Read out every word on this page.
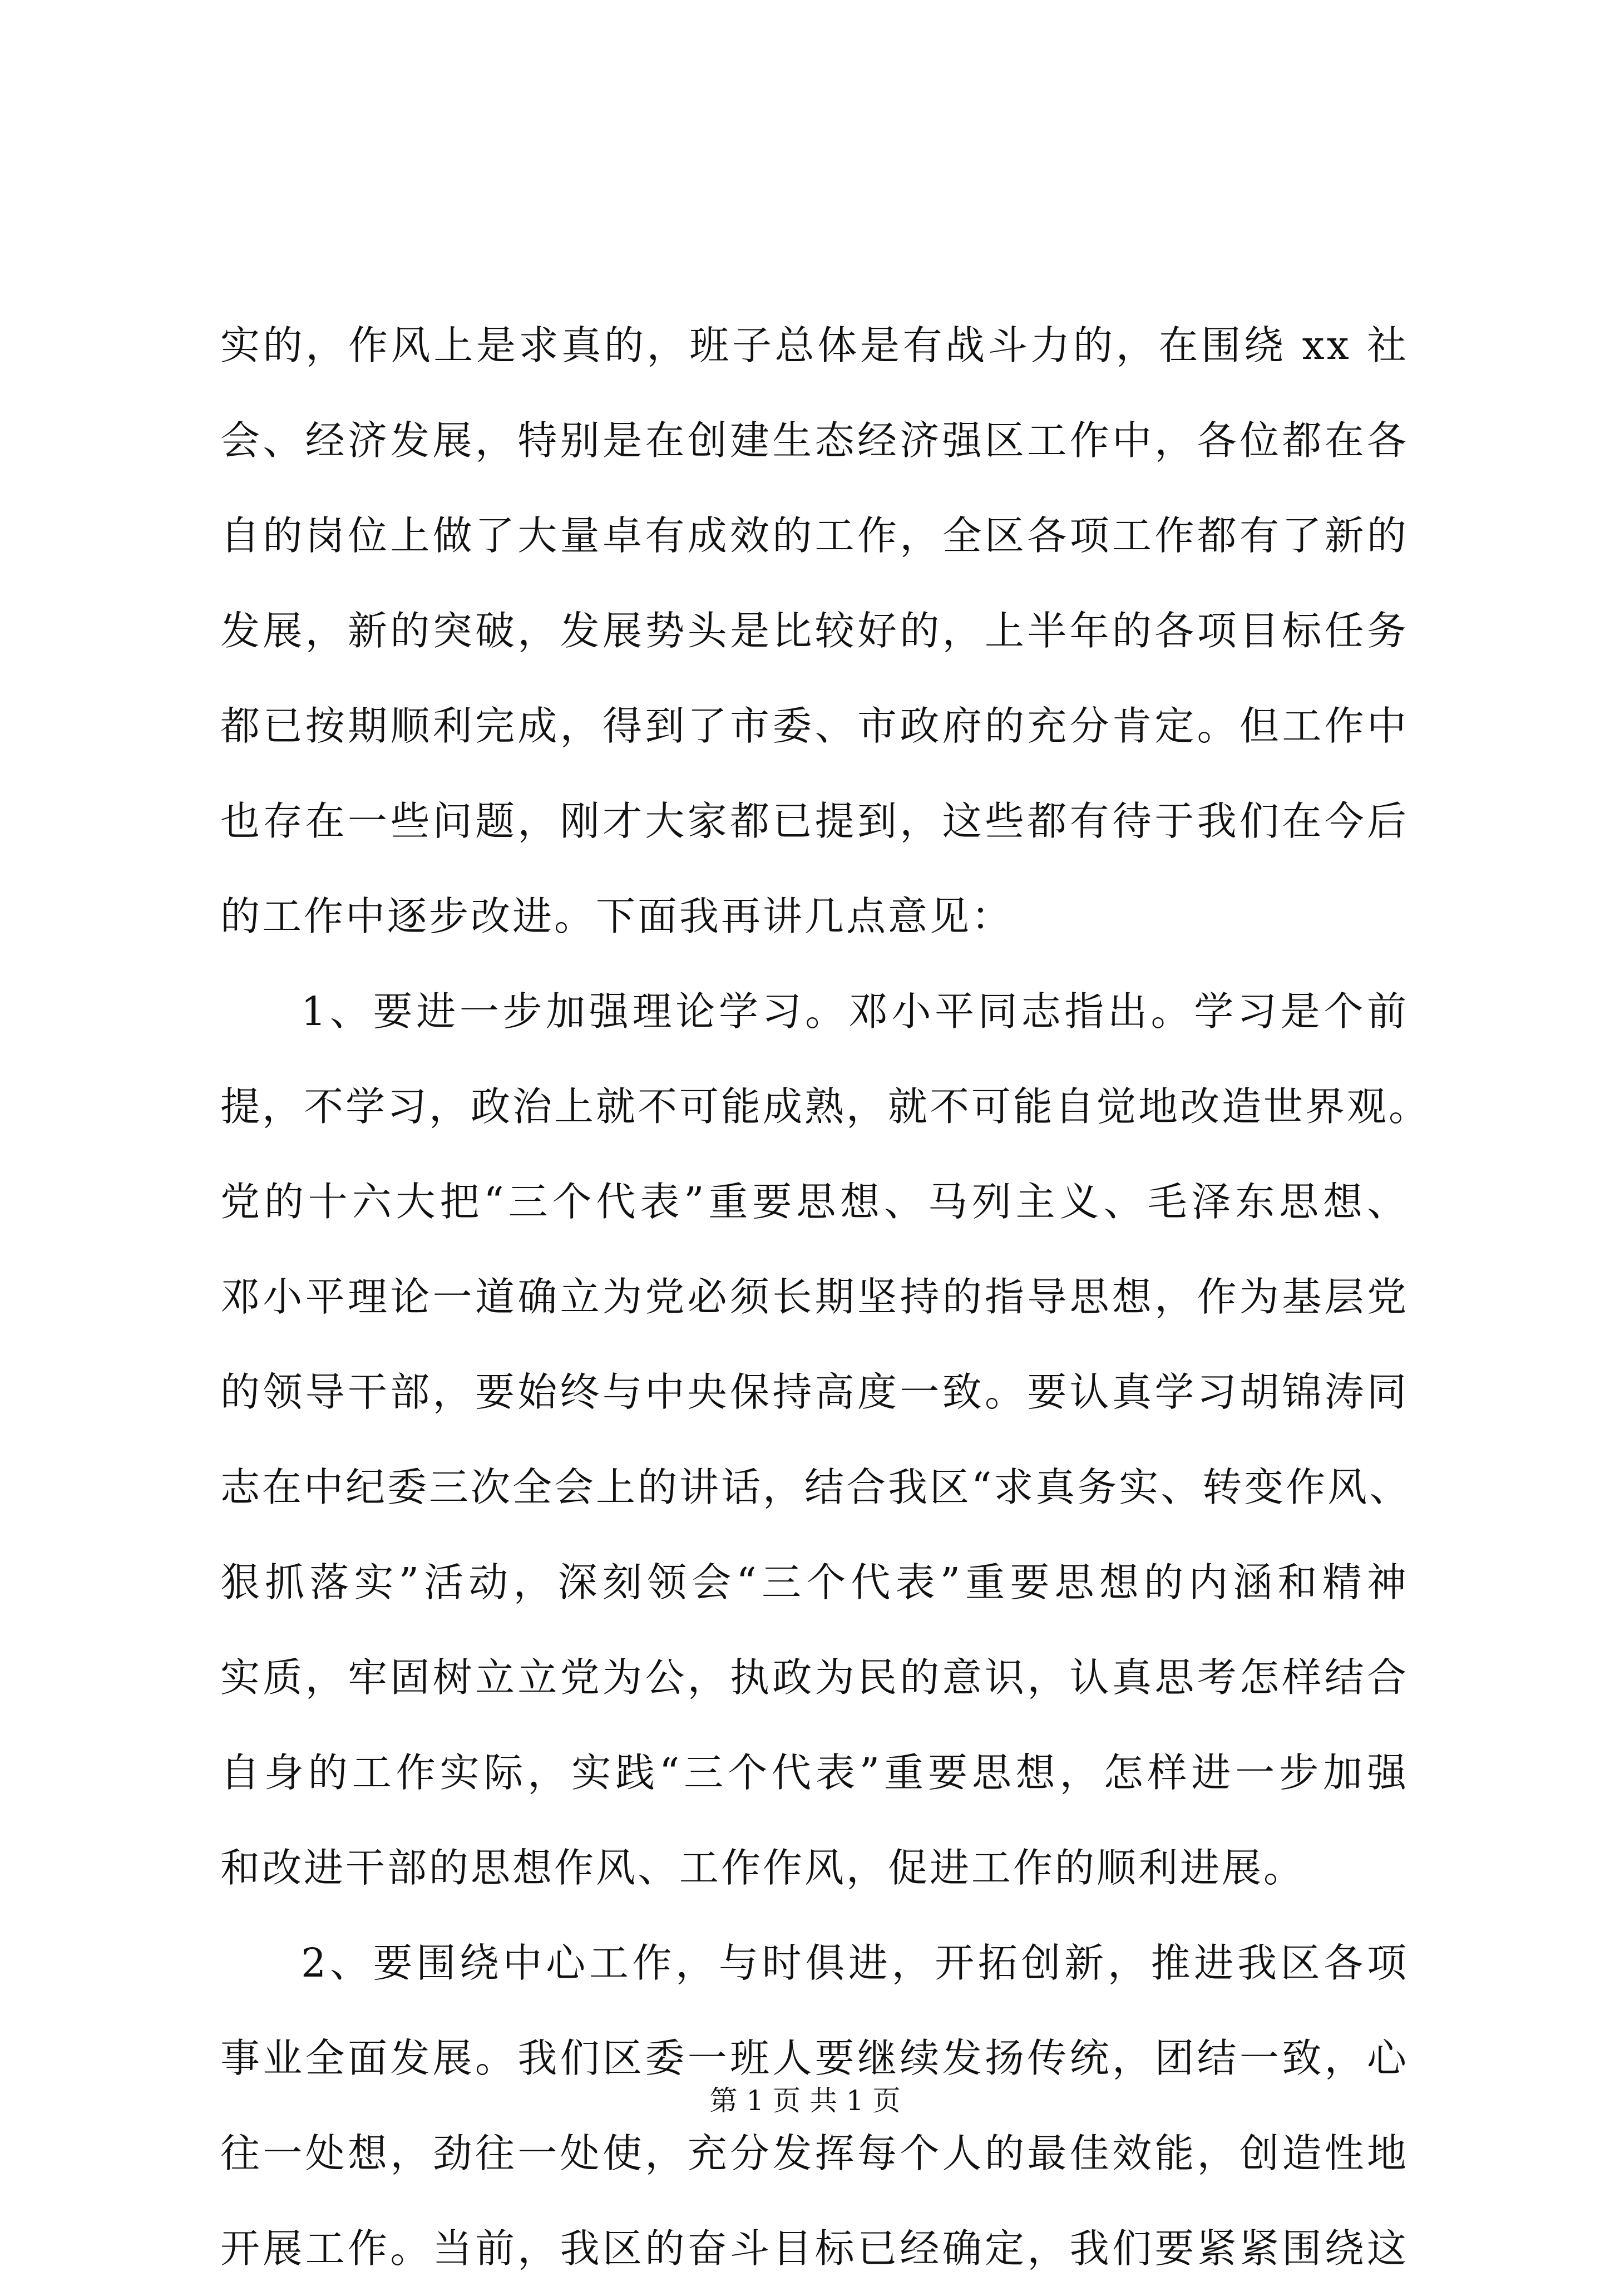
实的，作风上是求真的，班子总体是有战斗力的，在围绕 xx 社
会、经济发展，特别是在创建生态经济强区工作中，各位都在各
自的岗位上做了大量卓有成效的工作，全区各项工作都有了新的
发展，新的突破，发展势头是比较好的，上半年的各项目标任务
都已按期顺利完成，得到了市委、市政府的充分肯定。但工作中
也存在一些问题，刚才大家都已提到，这些都有待于我们在今后
的工作中逐步改进。下面我再讲几点意见：
1、要进一步加强理论学习。邓小平同志指出。学习是个前
提，不学习，政治上就不可能成熟，就不可能自觉地改造世界观。
党的十六大把“三个代表”重要思想、马列主义、毛泽东思想、
邓小平理论一道确立为党必须长期坚持的指导思想，作为基层党
的领导干部，要始终与中央保持高度一致。要认真学习胡锦涛同
志在中纪委三次全会上的讲话，结合我区“求真务实、转变作风、
狠抓落实”活动，深刻领会“三个代表”重要思想的内涵和精神
实质，牢固树立立党为公，执政为民的意识，认真思考怎样结合
自身的工作实际，实践“三个代表”重要思想，怎样进一步加强
和改进干部的思想作风、工作作风，促进工作的顺利进展。
2、要围绕中心工作，与时俱进，开拓创新，推进我区各项
事业全面发展。我们区委一班人要继续发扬传统，团结一致，心
往一处想，劲往一处使，充分发挥每个人的最佳效能，创造性地
开展工作。当前，我区的奋斗目标已经确定，我们要紧紧围绕这
第 1 页 共 1 页
